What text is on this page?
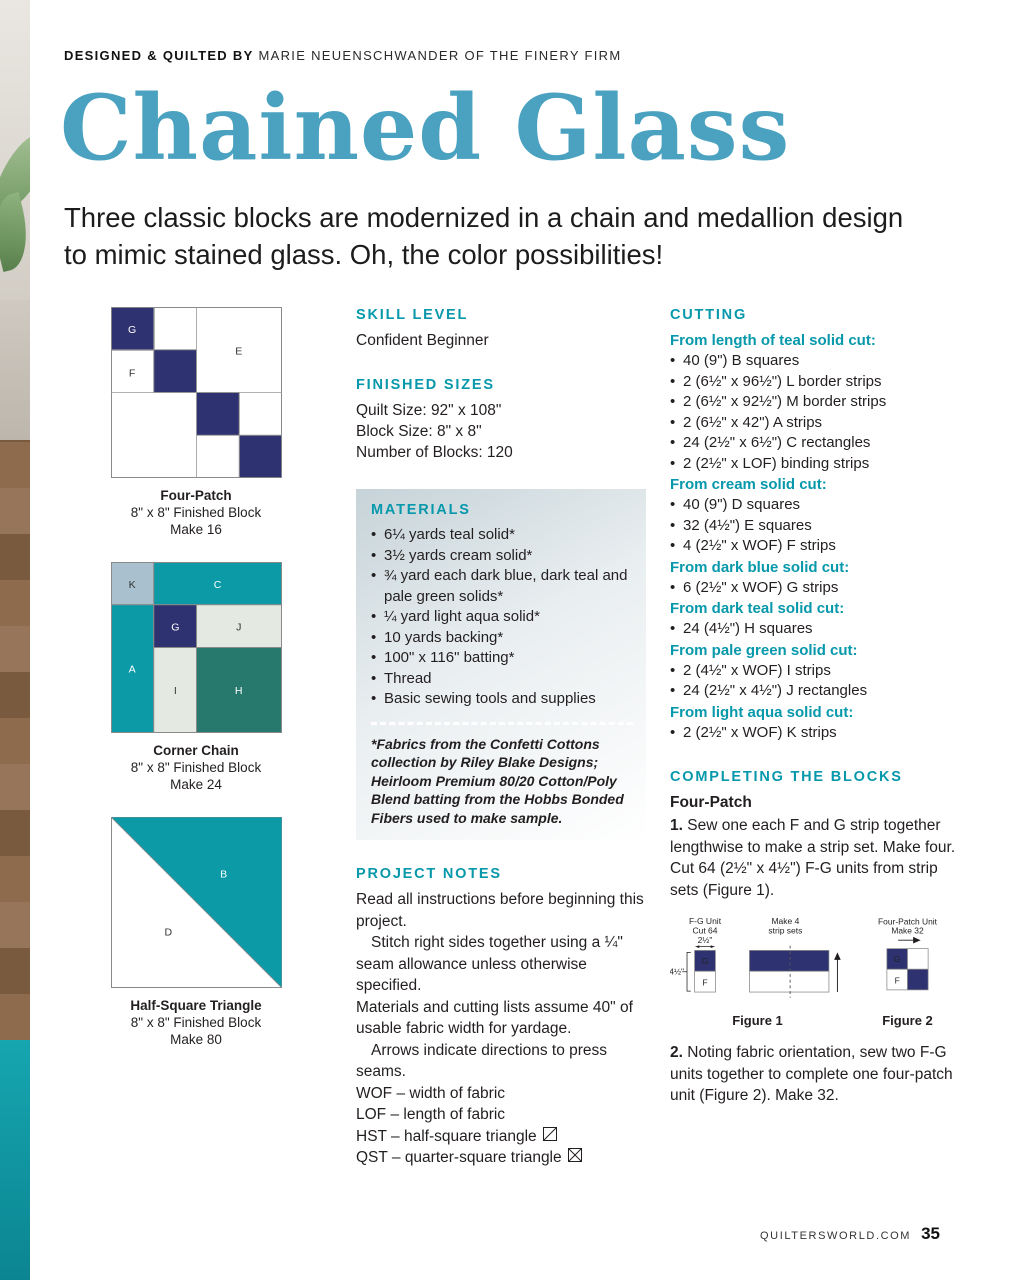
DESIGNED & QUILTED BY MARIE NEUENSCHWANDER OF THE FINERY FIRM
Chained Glass

Three classic blocks are modernized in a chain and medallion design to mimic stained glass. Oh, the color possibilities!

G
F
E
Four-Patch
8" x 8" Finished Block
Make 16
K	C
A
G	J
I	H
Corner Chain
8" x 8" Finished Block
Make 24
B
D
Half-Square Triangle
8" x 8" Finished Block
Make 80
SKILL LEVEL
Confident Beginner
FINISHED SIZES
Quilt Size: 92" x 108"
Block Size: 8" x 8"
Number of Blocks: 120
MATERIALS
• 6¼ yards teal solid*
• 3½ yards cream solid*
• ¾ yard each dark blue, dark teal and pale green solids*
• ¼ yard light aqua solid*
• 10 yards backing*
• 100" x 116" batting*
• Thread
• Basic sewing tools and supplies
*Fabrics from the Confetti Cottons collection by Riley Blake Designs; Heirloom Premium 80/20 Cotton/Poly Blend batting from the Hobbs Bonded Fibers used to make sample.
PROJECT NOTES

Read all instructions before beginning this project.

Stitch right sides together using a ¼" seam allowance unless otherwise specified.

Materials and cutting lists assume 40" of usable fabric width for yardage.

Arrows indicate directions to press seams.

WOF – width of fabric
LOF – length of fabric
HST – half-square triangle
QST – quarter-square triangle
CUTTING
From length of teal solid cut:
• 40 (9") B squares
• 2 (6½" x 96½") L border strips
• 2 (6½" x 92½") M border strips
• 2 (6½" x 42") A strips
• 24 (2½" x 6½") C rectangles
• 2 (2½" x LOF) binding strips
From cream solid cut:
• 40 (9") D squares
• 32 (4½") E squares
• 4 (2½" x WOF) F strips
From dark blue solid cut:
• 6 (2½" x WOF) G strips
From dark teal solid cut:
• 24 (4½") H squares
From pale green solid cut:
• 2 (4½" x WOF) I strips
• 24 (2½" x 4½") J rectangles
From light aqua solid cut:
• 2 (2½" x WOF) K strips
COMPLETING THE BLOCKS
Four-Patch

1. Sew one each F and G strip together lengthwise to make a strip set. Make four. Cut 64 (2½" x 4½") F-G units from strip sets (Figure 1).

F-G Unit
Cut 64
2½"
G
F
4½"
Make 4
strip sets
Figure 1
Four-Patch Unit
Make 32
G
F
Figure 2

2. Noting fabric orientation, sew two F-G units together to complete one four-patch unit (Figure 2). Make 32.

QUILTERSWORLD.COM 35
